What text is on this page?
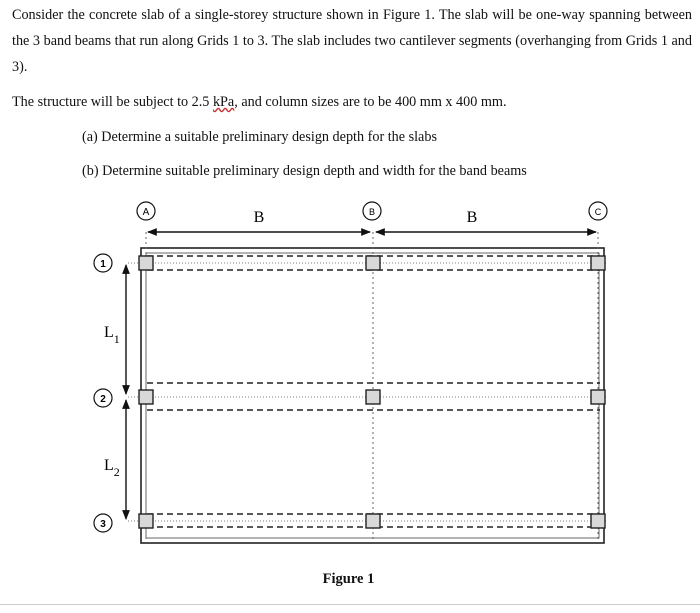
Consider the concrete slab of a single-storey structure shown in Figure 1. The slab will be one-way spanning between the 3 band beams that run along Grids 1 to 3. The slab includes two cantilever segments (overhanging from Grids 1 and 3).
The structure will be subject to 2.5 kPa, and column sizes are to be 400 mm x 400 mm.
(a) Determine a suitable preliminary design depth for the slabs
(b) Determine suitable preliminary design depth and width for the band beams
B	B
$L_1$
$L_2$
A	B	C
1
2
3
Figure 1
